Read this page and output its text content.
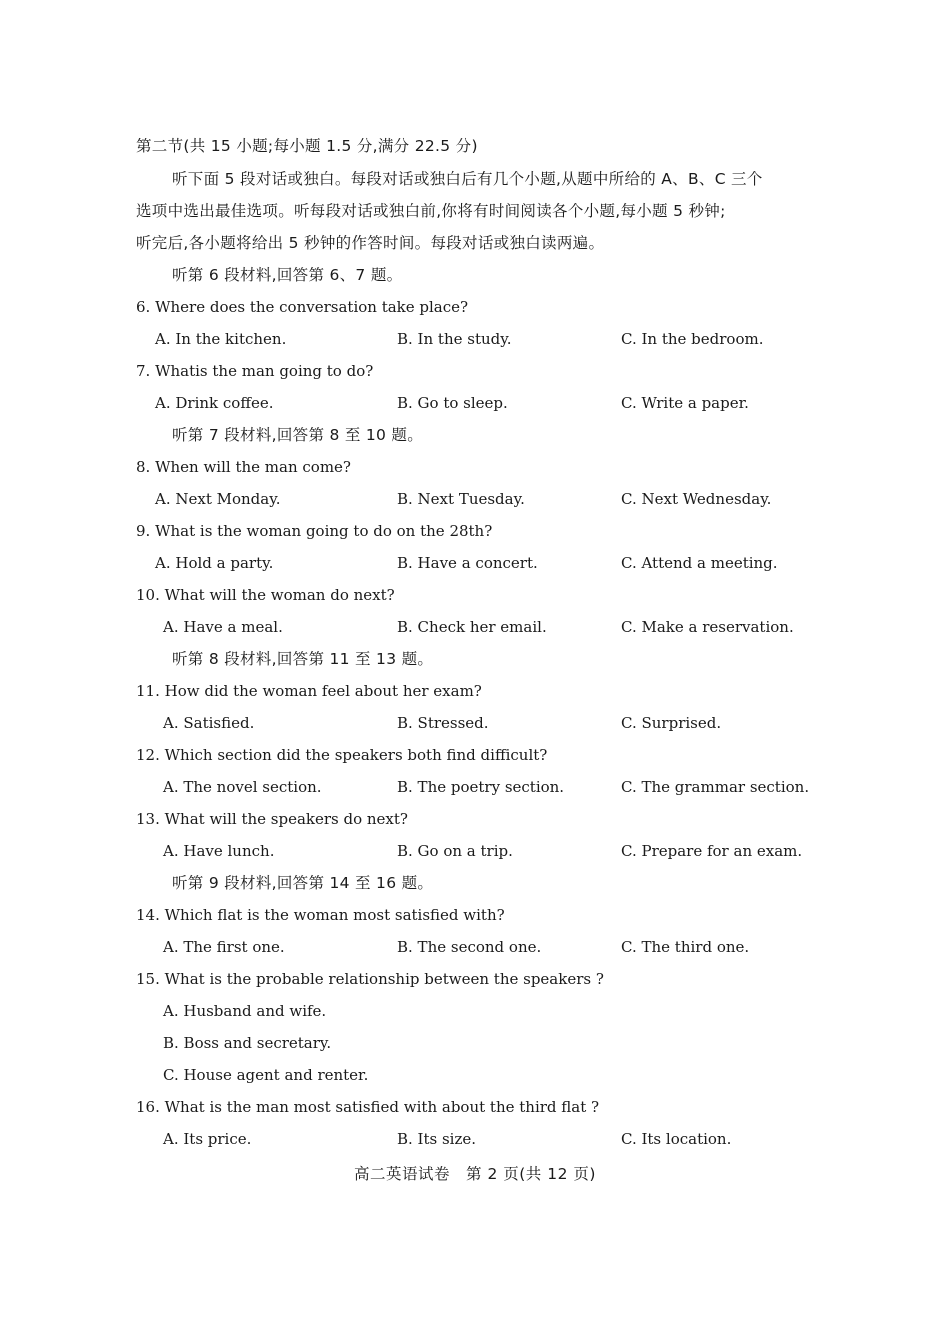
第二节(共 15 小题;每小题 1.5 分,满分 22.5 分)
听下面 5 段对话或独白。每段对话或独白后有几个小题,从题中所给的 A、B、C 三个
选项中选出最佳选项。听每段对话或独白前,你将有时间阅读各个小题,每小题 5 秒钟;
听完后,各小题将给出 5 秒钟的作答时间。每段对话或独白读两遍。
听第 6 段材料,回答第 6、7 题。
6. Where does the conversation take place?
A. In the kitchen.	B. In the study.	C. In the bedroom.
7. Whatis the man going to do?
A. Drink coffee.	B. Go to sleep.	C. Write a paper.
听第 7 段材料,回答第 8 至 10 题。
8. When will the man come?
A. Next Monday.	B. Next Tuesday.	C. Next Wednesday.
9. What is the woman going to do on the 28th?
A. Hold a party.	B. Have a concert.	C. Attend a meeting.
10. What will the woman do next?
A. Have a meal.	B. Check her email.	C. Make a reservation.
听第 8 段材料,回答第 11 至 13 题。
11. How did the woman feel about her exam?
A. Satisfied.	B. Stressed.	C. Surprised.
12. Which section did the speakers both find difficult?
A. The novel section.	B. The poetry section.	C. The grammar section.
13. What will the speakers do next?
A. Have lunch.	B. Go on a trip.	C. Prepare for an exam.
听第 9 段材料,回答第 14 至 16 题。
14. Which flat is the woman most satisfied with?
A. The first one.	B. The second one.	C. The third one.
15. What is the probable relationship between the speakers ?
A. Husband and wife.
B. Boss and secretary.
C. House agent and renter.
16. What is the man most satisfied with about the third flat ?
A. Its price.	B. Its size.	C. Its location.
高二英语试卷　第 2 页(共 12 页)
